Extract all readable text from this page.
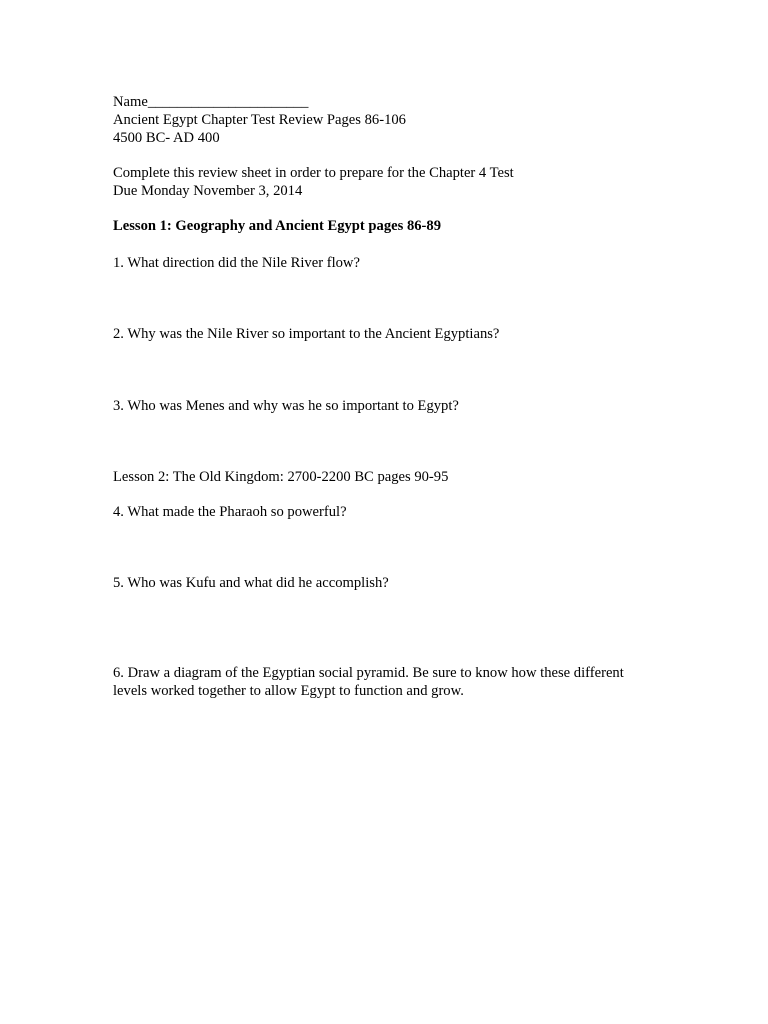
Name______________________
Ancient Egypt Chapter Test Review Pages 86-106
4500 BC- AD 400
Complete this review sheet in order to prepare for the Chapter 4 Test
Due Monday November 3, 2014
Lesson 1: Geography and Ancient Egypt pages 86-89
1. What direction did the Nile River flow?
2. Why was the Nile River so important to the Ancient Egyptians?
3. Who was Menes and why was he so important to Egypt?
Lesson 2: The Old Kingdom: 2700-2200 BC pages 90-95
4. What made the Pharaoh so powerful?
5. Who was Kufu and what did he accomplish?
6. Draw a diagram of the Egyptian social pyramid. Be sure to know how these different levels worked together to allow Egypt to function and grow.
